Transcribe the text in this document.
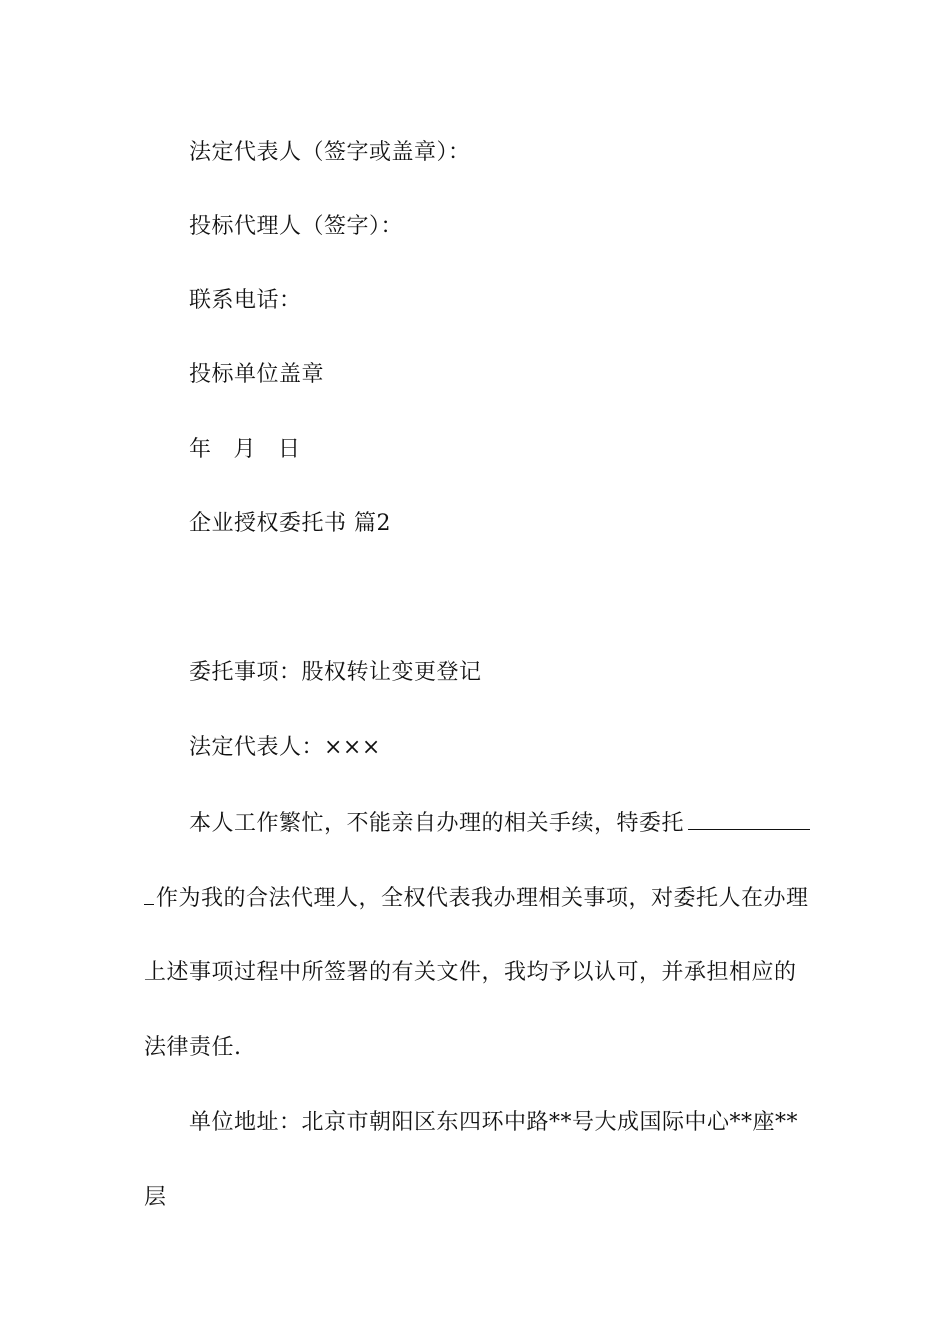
法定代表人（签字或盖章）：
投标代理人（签字）：
联系电话：
投标单位盖章
年 月 日
企业授权委托书 篇2
委托事项：股权转让变更登记
法定代表人：×××
本人工作繁忙，不能亲自办理的相关手续，特委托
作为我的合法代理人，全权代表我办理相关事项，对委托人在办理
上述事项过程中所签署的有关文件，我均予以认可，并承担相应的
法律责任.
单位地址：北京市朝阳区东四环中路**号大成国际中心**座**
层
